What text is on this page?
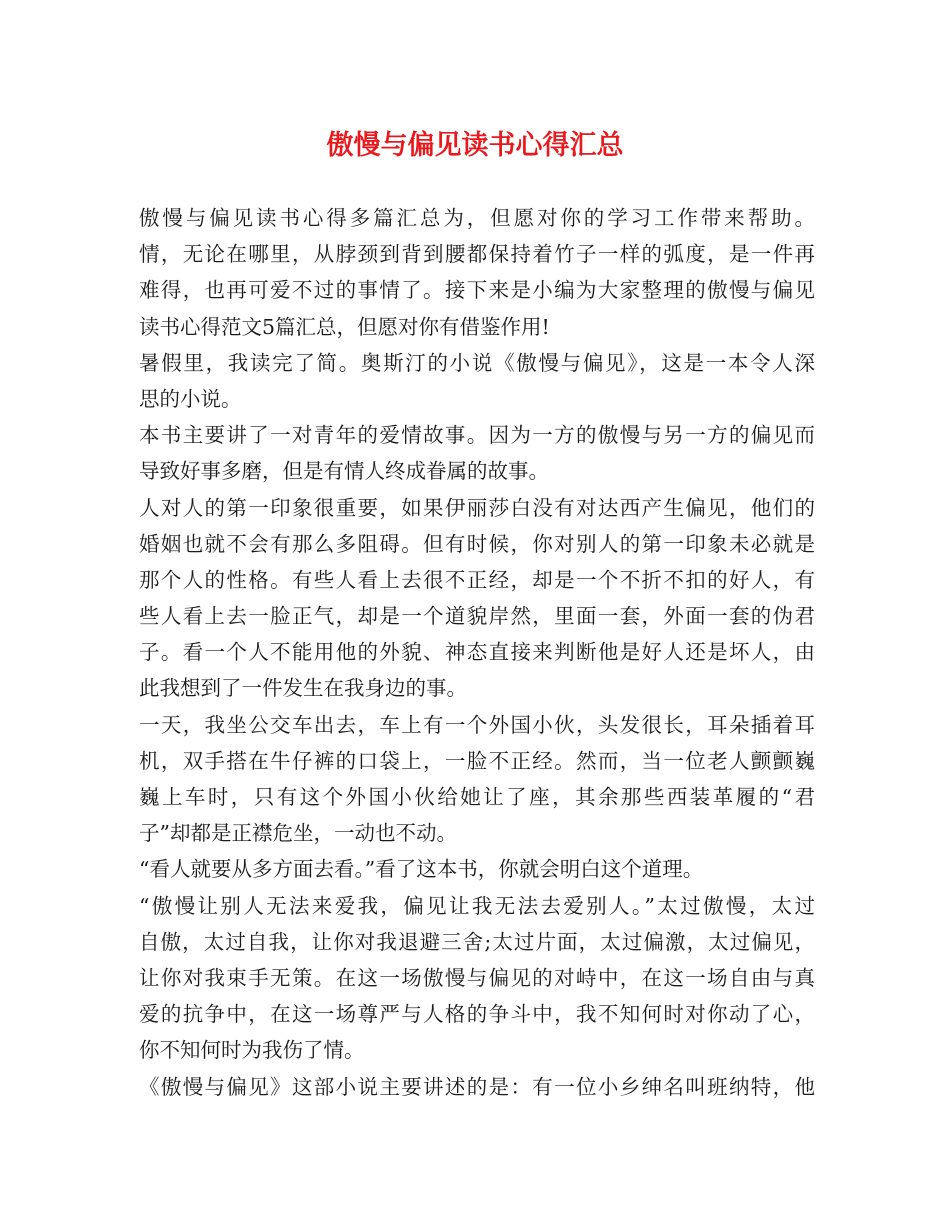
傲慢与偏见读书心得汇总
傲慢与偏见读书心得多篇汇总为，但愿对你的学习工作带来帮助。
情，无论在哪里，从脖颈到背到腰都保持着竹子一样的弧度，是一件再
难得，也再可爱不过的事情了。接下来是小编为大家整理的傲慢与偏见
读书心得范文5篇汇总，但愿对你有借鉴作用!
暑假里，我读完了简。奥斯汀的小说《傲慢与偏见》，这是一本令人深
思的小说。
本书主要讲了一对青年的爱情故事。因为一方的傲慢与另一方的偏见而
导致好事多磨，但是有情人终成眷属的故事。
人对人的第一印象很重要，如果伊丽莎白没有对达西产生偏见，他们的
婚姻也就不会有那么多阻碍。但有时候，你对别人的第一印象未必就是
那个人的性格。有些人看上去很不正经，却是一个不折不扣的好人，有
些人看上去一脸正气，却是一个道貌岸然，里面一套，外面一套的伪君
子。看一个人不能用他的外貌、神态直接来判断他是好人还是坏人，由
此我想到了一件发生在我身边的事。
一天，我坐公交车出去，车上有一个外国小伙，头发很长，耳朵插着耳
机，双手搭在牛仔裤的口袋上，一脸不正经。然而，当一位老人颤颤巍
巍上车时，只有这个外国小伙给她让了座，其余那些西装革履的“君
子”却都是正襟危坐，一动也不动。
“看人就要从多方面去看。”看了这本书，你就会明白这个道理。
“傲慢让别人无法来爱我，偏见让我无法去爱别人。”太过傲慢，太过
自傲，太过自我，让你对我退避三舍;太过片面，太过偏激，太过偏见，
让你对我束手无策。在这一场傲慢与偏见的对峙中，在这一场自由与真
爱的抗争中，在这一场尊严与人格的争斗中，我不知何时对你动了心，
你不知何时为我伤了情。
《傲慢与偏见》这部小说主要讲述的是：有一位小乡绅名叫班纳特，他
